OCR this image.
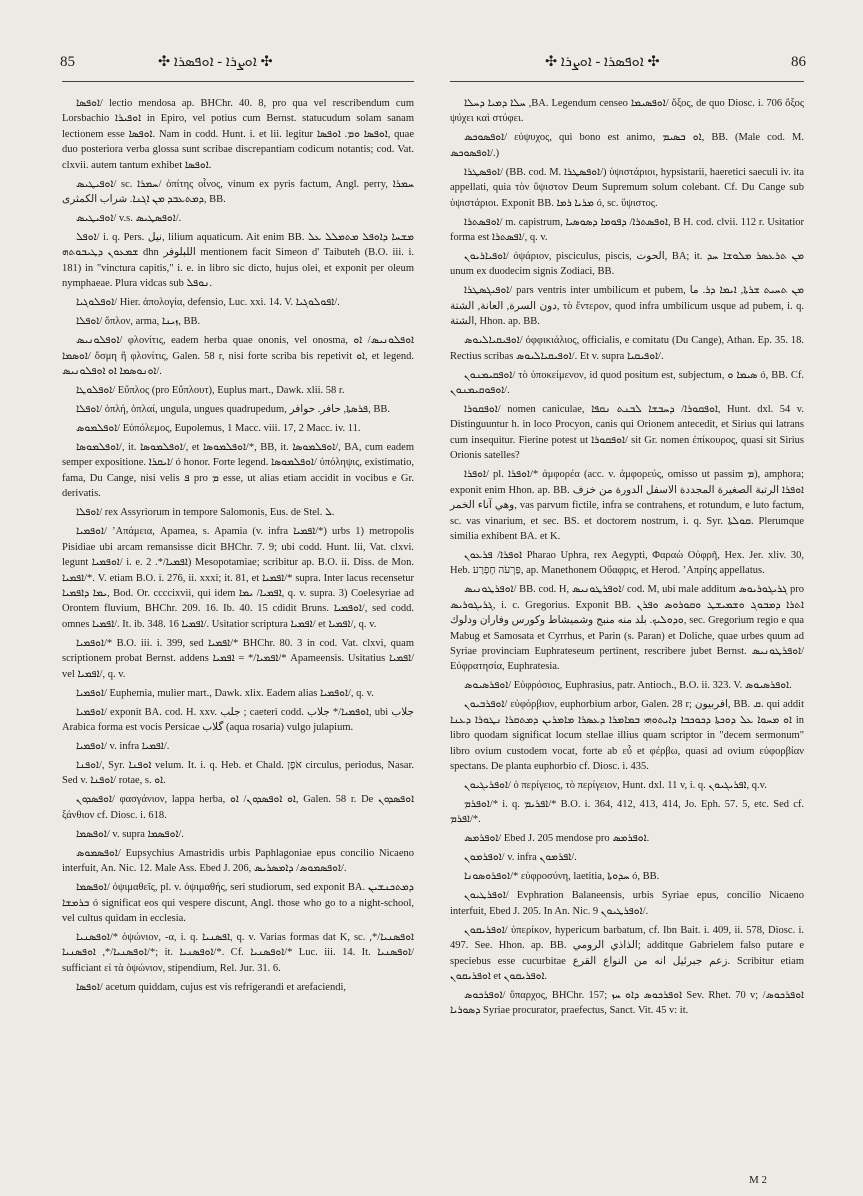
85	✣ ܐܘܨܪܐ - ܐܘܦܣܪܐ ✣	✣ ܐܘܦܣܪܐ - ܐܘܨܪܐ ✣	86

ܐܘܦܣܐ/ lectio mendosa ap. BHChr. 40. 8, pro qua vel rescribendum cum Lorsbachio ܐܘܦܝܪܐ in Epiro, vel potius cum Bernst. statucudum solam sanam lectionem esse ܐܘܦܣܐ. Nam in codd. Hunt. i. et lii. legitur ܐܘܦܣܐ ܘܡ. ܐܘܦܣܐ, quae duo posteriora verba glossa sunt scribae discrepantiam codicum notantis; cod. Vat. clxvii. autem tantum exhibet ܐܘܦܣܐ.

ܐܘܦܝܛܝܣ/ sc. ܚܡܪܐ/ ὀπίτης οἶνος, vinum ex pyris factum, Angl. perry, ܚܡܪܐ ܕܡܬܥܒܕ ܡܢ ܐܓܢܐ. شراب الكمثرى, BB.

ܐܘܦܝܛܝܣ/ v.s. ܐܘܦܣܛܝܣ/.

ܐܘܦܠ/ i. q. Pers. نيل, lilium aquaticum. Ait enim BB. ܡܫܚܐ ܕܐܘܦܠ ܡܬܡܠܠ ܥܠ ܫܡܥܘܢ ܕܛܝܒܘܬܗ dhn اللبلوفر mentionem facit Simeon d' Taibuteh (B.O. iii. i. 181) in "vinctura capitis," i. e. in libro sic dicto, hujus olei, et exponit per oleum nymphaeae. Plura vidcas sub ܢܘܦܠ.

ܐܘܦܠܘܓܝܐ/ Hier. ἀπολογία, defensio, Luc. xxi. 14. V. ܐܦܘܠܘܓܝܐ/.

ܐܘܦܠܐ/ ὅπλον, arma, ܙܝܢܐ, BB.

ܐܘܦܠܘܢܝܣ/ φλονίτις, eadem herba quae ononis, vel onosma, ܐܘܦܠܘܢܝܣ/ ܐܘ ܐܘܣܡܐ/ ὄσμη ἢ φλονίτις, Galen. 58 r, nisi forte scriba bis repetivit ܐܘ, et legend. ܐܘܢܘܣܡܐ ܐܘ ܐܘܦܠܘܢܝܣ/.

ܐܘܦܠܘܛܐ/ Εὔπλος (pro Εὔπλουτ), Euplus mart., Dawk. xlii. 58 r.

ܐܘܦܠܐ/ ὁπλή, ὁπλαί, ungula, ungues quadrupedum, ܦܪܣܬܐ, حافر. حوافر, BB.

ܐܘܦܠܡܘܣ/ Εὐπόλεμος, Eupolemus, 1 Macc. viii. 17, 2 Macc. iv. 11.

ܐܘܦܠܡܘܣܐ/, it. ܐܘܦܠܡܘܣܐ/, et ܐܘܦܠܡܘܣܐ/*, BB, it. ܐܘܦܠܡܘܣܐ/, BA, cum eadem semper expositione. ܐܝܩܪܐ/ ó honor. Forte legend. ܐܘܦܠܡܘܣܐ/ ὑπόληψις, existimatio, fama, Du Cange, nisi velis ܦ pro ܡ esse, ut alias etiam accidit in vocibus e Gr. derivatis.

ܐܘܦܠܐ/ rex Assyriorum in tempore Salomonis, Eus. de Stel. ܠ.

ܐܘܦܡܝܐ/ ʼΑπάμεια, Apamea, s. Apamia (v. infra ܐܦܡܝܐ/*) urbs 1) metropolis Pisidiae ubi arcam remansisse dicit BHChr. 7. 9; ubi codd. Hunt. lii, Vat. clxvi. legunt ܐܘܦܡܝܐ/ i. e. ܐܦܡܝܐ/*. 2) Mesopotamiae; scribitur ap. B.O. ii. Diss. de Mon. ܐܦܡܝܐ/*. V. etiam B.O. i. 276, ii. xxxi; it. 81, et ܐܦܡܝܐ/* supra. Inter lacus recensetur ܝܡܐ ܕܐܦܡܝܐ, Bod. Or. ccccixvii, qui idem ܐܦܡܝܐ/ ܝܡܐ, q. v. supra. 3) Coelesyriae ad Orontem fluvium, BHChr. 209. 16. Ib. 40. 15 cdidit Bruns. ܐܘܦܡܝܐ/, sed codd. omnes ܐܦܡܝܐ/. It. ib. 348. 16 ܐܦܡܝܐ/. Usitatior scriptura ܐܦܡܝܐ/ et ܐܦܡܝܐ/, q. v.

ܐܘܦܡܝܐ/* B.O. iii. i. 399, sed ܐܦܡܝܐ/* BHChr. 80. 3 in cod. Vat. clxvi, quam scriptionem probat Bernst. addens ܐܦܡܝܐ/* = ܐܦܡܝܐ/* Apameensis. Usitatius ܐܦܡܝܐ/ vel ܐܦܡܝܐ/, q. v.

ܐܘܦܡܝܐ/ Euphemia, mulier mart., Dawk. xlix. Eadem alias ܐܘܦܡܝܐ/, q. v.

ܐܘܦܡܝܐ/ exponit BA. cod. H. xxv. جلب ; caeteri codd. ܐܘܦܡܝܐ/* جلاب, ubi جلاب Arabica forma est vocis Persicae گلاب (aqua rosaria) vulgo julapium.

ܐܘܦܡܝܐ/ v. infra ܐܦܡܝܐ/.

ܐܘܦܢܐ/, Syr. ܐܘܦܢܐ velum. It. i. q. Heb. et Chald. אֹפֶן circulus, periodus, Nasar. Sed v. ܐܘܦܢܐ/ rotae, s. ܐܘ.

ܐܘܦܣܕܘܢ/ φασγάνιον, lappa herba, ܐܘ ܐܘܦܣܕܘܢ/ ܐܘ, Galen. 58 r. De ܐܘܦܣܕܘܢ ξάνθιον cf. Diosc. i. 618.

ܐܘܦܣܡܐ/ v. supra ܐܘܦܣܡܐ/.

ܐܘܦܣܡܘܣ/ Eupsychius Amastridis urbis Paphlagoniae epus concilio Nicaeno interfuit, An. Nic. 12. Male Ass. Ebed J. 206, ܐܘܦܣܡܘܣ/ ܕܐܡܣܪܝܣ/.

ܐܘܦܣܡܐ/ ὀψιμαθεῖς, pl. v. ὀψιμαθής, seri studiorum, sed exponit BA. ܕܡܬܟܢܫܝܢ ܒܪܡܫܐ ó significat eos qui vespere discunt, Angl. those who go to a night-school, vel cultus quidam in ecclesia.

ܐܘܦܣܢܝܐ/* ὀψώνιον, -α, i. q. ܐܦܣܢܝܐ, q. v. Varias formas dat K, sc. ܐܘܦܣܢܝܐ/*, ܐܘܦܣܢܝܐ/*, ܐܘܦܣܢܝܐ/*; it. ܐܘܦܣܢܝܐ/*. Cf. ܐܘܦܣܢܝܐ/* Luc. iii. 14. It. ܐܘܦܣܢܝܐ/ sufficiant εἰ τὰ ὀψώνιον, stipendium, Rel. Jur. 31. 6.

ܐܘܦܣܐ/ acetum quiddam, cujus est vis refrigerandi et arefaciendi,

ܚܠܐ ܕܡܝܐ ܕܚܠܐ ,BA. Legendum censeo ܐܘܦܣܝܡܐ/ ὄξος, de quo Diosc. i. 706 ὄξος ψύχει καὶ στύφει.

ܐܘܦܣܘܟܣ/ εὐψυχος, qui bono est animo, ܐܘ ܒܣܝܡ, BB. (Male cod. M. ܐܘܦܣܘܟܣ/.)

ܐܘܦܣܛܪܐ/ (BB. cod. M. ܐܘܦܣܛܪܐ/) ὑψιστάριοι, hypsistarii, haeretici saeculi iv. ita appellati, quia τὸν ὕψιστον Deum Supremum solum colebant. Cf. Du Cange sub ὑψιστάριοι. Exponit BB. ܡܪܝܐ ܪܡܐ ó, sc. ὕψιστος.

ܐܘܦܣܬܪܐ/ m. capistrum, ܐܘܦܣܬܪܐ/ ܕܦܘܡܐ ܕܣܘܣܝܐ, B H. cod. clvii. 112 r. Usitatior forma est ܐܦܣܬܪܐ/, q. v.

ܐܘܦܝܐܪܝܘܢ/ ὀψάριον, pisciculus, piscis, الحوت, BA; it. ܡܢ ܬܪܥܣܪ ܡܠܘܫܐ ܚܕ unum ex duodecim signis Zodiaci, BB.

ܐܘܦܝܓܣܛܪܐ/ pars ventris inter umbilicum et pubem, ܡܢ ܬܚܝܬ ܫܪܬܐ, ܐܝܡܐ ܕܪ. ما دون السرة, العانة, الشتة, τὸ ἔντερον, quod infra umbilicum usque ad pubem, i. q. الشتة, Hhon. ap. BB.

ܐܘܦܝܩܝܐܠܝܘܣ/ ὀφφικιάλιος, officialis, e comitatu (Du Cange), Athan. Ep. 35. 18. Rectius scribas ܐܘܦܝܩܝܐܠܝܘܣ/. Et v. supra ܐܘܦܝܩܝܐ/.

ܐܘܦܩܝܡܢܘܢ/ τὸ ὑποκείμενον, id quod positum est, subjectum, ܣܝܡܐ ܘ ó, BB. Cf. ܐܘܦܘܩܝܡܢܘܢ/.

ܐܘܦܩܘܪܐ/ nomen caniculae, ܐܘܦܩܘܪܐ/ ܕܚܒܫܐ ܠܒܢܬ ܢܩܦܐ, Hunt. dxl. 54 v. Distinguuntur h. in loco Procyon, canis qui Orionem antecedit, et Sirius qui latrans cum insequitur. Fierine potest ut ܐܘܦܩܘܪܐ/ sit Gr. nomen ἐπίκουρος, quasi sit Sirius Orionis satelles?

ܐܘܦܪܐ/ pl. ܐܘܦܪܐ/* ἀμφορέα (acc. v. ἀμφορεύς, omisso ut passim ܡ), amphora; exponit enim Hhon. ap. BB. ܐܘܦܪܐ الرتبة الصغيرة المجددة الاسفل الدورة من خزف وهي آناء الخمر, vas parvum fictile, infra se contrahens, et rotundum, e luto factum, sc. vas vinarium, et sec. BS. et doctorem nostrum, i. q. Syr. ܩܘܠܬܐ. Plerumque similia exhibent BA. et K.

ܐܘܦܪܐ/ ܦܪܥܘܢ Pharao Uphra, rex Aegypti, Φαραὼ Οὐφρῆ, Hex. Jer. xliv. 30, Heb. פַּרְעֹה חָפְרַע, ap. Manethonem Οὔαφρις, et Herod. ʼΑπρίης appellatus.

ܐܘܦܪܛܘܢܝܣ/ BB. cod. H, ܐܘܦܪܛܘܢܝܣ/ cod. M, ubi male additum ܓܪܝܓܘܪܝܘܣ pro ܓܪܝܓܘܪܝܣ, i. c. Gregorius. Exponit BB. ܐܬܪܐ ܕܡܒܘܓ ܘܫܡܝܫܛ ܘܩܘܪܘܣ ܘܦܪܢ ܘܕܘܠܝܟ. بلد منه منبج وشميشاط وكورس وفاران ودلوك, sec. Gregorium regio e qua Mabug et Samosata et Cyrrhus, et Parin (s. Paran) et Doliche, quae urbes quum ad Syriae provinciam Euphrateseum pertinent, rescribere jubet Bernst. ܐܘܦܪܛܘܢܝܣ/ Εὐφρατησία, Euphratesia.

ܐܘܦܪܣܝܘܣ/ Εὐφρόσιος, Euphrasius, patr. Antioch., B.O. ii. 323. V. ܐܘܦܪܣܝܘܣ.

ܐܘܦܪܒܝܘܢ/ εὐφόρβιον, euphorbium arbor, Galen. 28 r; افربيون, BB. ܩ. qui addit ܐܘ ܡܚܘܐ ܥܠ ܕܘܟܬܐ ܕܟܘܟܒܐ ܕܐܝܬܘܗܝ ܒܡܐܡܪܐ ܕܥܣܪܐ ܡܐܡܪܝܢ ܕܡܬܩܪܐ ܢܛܘܪܐ ܕܥܢܐ in libro quodam significat locum stellae illius quam scriptor in "decem sermonum" libro ovium custodem vocat, forte ab εὖ et φέρβω, quasi ad ovium εὐφορβίαν spectans. De planta euphorbio cf. Diosc. i. 435.

ܐܘܦܪܝܓܝܘܢ/ ὁ περίγειος, τὸ περίγειον, Hunt. dxl. 11 v, i. q. ܐܦܪܝܓܝܘܢ, q.v.

ܐܘܦܪܡ/* i. q. ܐܦܪܝܡ/* B.O. i. 364, 412, 413, 414, Jo. Eph. 57. 5, etc. Sed cf. ܐܦܪܡ/*.

ܐܘܦܪܡܣ/ Ebed J. 205 mendose pro ܐܘܦܪܡܣ.

ܐܘܦܪܡܘܢ/ v. infra ܐܦܪܡܘܢ/.

ܐܘܦܪܘܣܘܢܐ/* εὐφροσύνη, laetitia, ܚܕܘܬܐ ó, BB.

ܐܘܦܪܛܝܘܢ/ Evphration Balaneensis, urbis Syriae epus, concilio Nicaeno interfuit, Ebed J. 205. In An. Nic. 9 ܐܘܦܪܛܝܘܢ/.

ܐܘܦܪܝܩܘܢ/ ὑπερίκον, hypericum barbatum, cf. Ibn Bait. i. 409, ii. 578, Diosc. i. 497. See. Hhon. ap. BB. الذاذي الرومي; additque Gabrielem falso putare e speciebus esse cucurbitae زعم جبرئيل انه من النواع القرع. Scribitur etiam ܐܘܦܪܝܩܘܢ et ܐܘܦܪܝܩܘܢ.

ܐܘܦܪܟܘܣ/ ὕπαρχος, BHChr. 157; ܐܘܦܪܟܘܣ ܕܐܘ ܚܙ Sev. Rhet. 70 v; ܐܘܦܪܟܘܣ/ ܕܣܘܪܝܐ Syriae procurator, praefectus, Sanct. Vit. 45 v: it.

M 2
